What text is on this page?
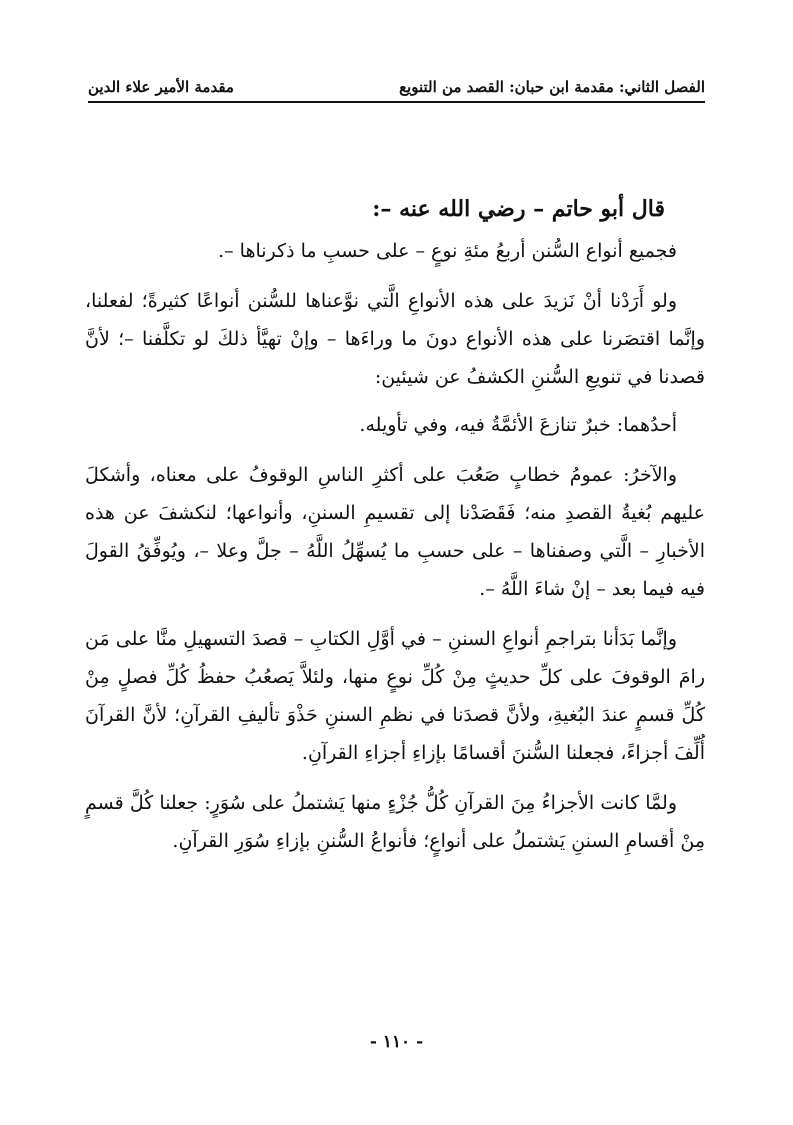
الفصل الثاني: مقدمة ابن حبان: القصد من التنويع
مقدمة الأمير علاء الدين

قال أبو حاتم – رضي الله عنه –:

فجميع أنواع السُّنن أربعُ مئةِ نوعٍ – على حسبِ ما ذكرناها –.

ولو أَرَدْنا أنْ نَزيدَ على هذه الأنواعِ الَّتي نوَّعناها للسُّنن أنواعًا كثيرةً؛ لفعلنا، وإنَّما اقتصَرنا على هذه الأنواع دونَ ما وراءَها – وإنْ تهيَّأ ذلكَ لو تكلَّفنا –؛ لأنَّ قصدنا في تنويعِ السُّننِ الكشفُ عن شيئين:

أحدُهما: خبرٌ تنازعَ الأئمَّةُ فيه، وفي تأويله.

والآخرُ: عمومُ خطابٍ صَعُبَ على أكثرِ الناسِ الوقوفُ على معناه، وأشكلَ عليهم بُغيةُ القصدِ منه؛ فَقَصَدْنا إلى تقسيمِ السننِ، وأنواعها؛ لنكشفَ عن هذه الأخبارِ – الَّتي وصفناها – على حسبِ ما يُسهِّلُ اللَّهُ – جلَّ وعلا –، ويُوفِّقُ القولَ فيه فيما بعد – إنْ شاءَ اللَّهُ –.

وإنَّما بَدَأنا بتراجمِ أنواعِ السننِ – في أوَّلِ الكتابِ – قصدَ التسهيلِ منَّا على مَن رامَ الوقوفَ على كلِّ حديثٍ مِنْ كُلِّ نوعٍ منها، ولئلاَّ يَصعُبُ حفظُ كُلِّ فصلٍ مِنْ كُلِّ قسمٍ عندَ البُغيةِ، ولأنَّ قصدَنا في نظمِ السننِ حَذْوَ تأليفِ القرآنِ؛ لأنَّ القرآنَ أُلِّفَ أجزاءً، فجعلنا السُّننَ أقسامًا بإزاءِ أجزاءِ القرآنِ.

ولمَّا كانت الأجزاءُ مِنَ القرآنِ كُلُّ جُزْءٍ منها يَشتملُ على سُوَرٍ: جعلنا كُلَّ قسمٍ مِنْ أقسامِ السننِ يَشتملُ على أنواعٍ؛ فأنواعُ السُّننِ بإزاءِ سُوَرِ القرآنِ.

- ١١٠ -
